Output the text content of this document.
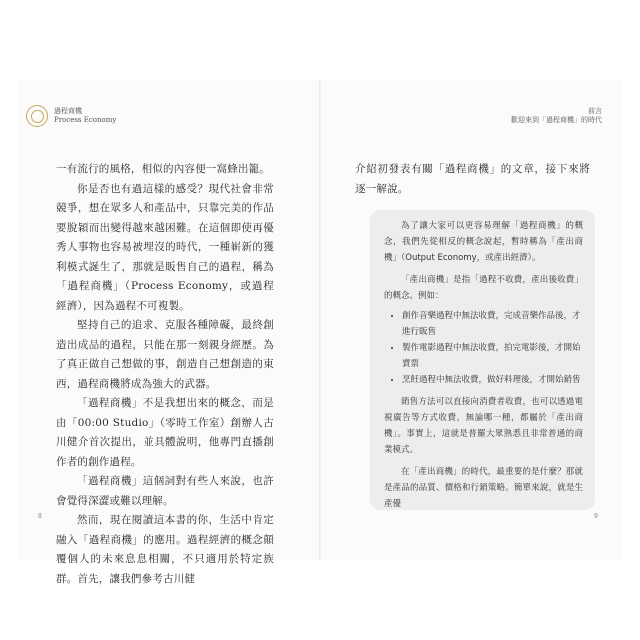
過程商機
Process Economy
前言
歡迎來到「過程商機」的時代

一有流行的風格，相似的內容便一窩蜂出籠。

你是否也有過這樣的感受？現代社會非常競爭，想在眾多人和產品中，只靠完美的作品要脫穎而出變得越來越困難。在這個即使再優秀人事物也容易被埋沒的時代，一種嶄新的獲利模式誕生了，那就是販售自己的過程，稱為「過程商機」（Process Economy，或過程經濟），因為過程不可複製。

堅持自己的追求、克服各種障礙，最終創造出成品的過程，只能在那一刻親身經歷。為了真正做自己想做的事，創造自己想創造的東西，過程商機將成為強大的武器。

「過程商機」不是我想出來的概念，而是由「00:00 Studio」（零時工作室）創辦人古川健介首次提出，並具體說明，他專門直播創作者的創作過程。

「過程商機」這個詞對有些人來說，也許會覺得深澀或難以理解。

然而，現在閱讀這本書的你，生活中肯定融入「過程商機」的應用。過程經濟的概念顛覆個人的未來息息相關，不只適用於特定族群。首先，讓我們參考古川健

介紹初發表有關「過程商機」的文章，接下來將逐一解說。

為了讓大家可以更容易理解「過程商機」的概念，我們先從相反的概念說起，暫時稱為「產出商機」（Output Economy，或產出經濟）。

「產出商機」是指「過程不收費，產出後收費」的概念。例如：

• 創作音樂過程中無法收費，完成音樂作品後，才進行販售
• 製作電影過程中無法收費，拍完電影後，才開始賣票
• 烹飪過程中無法收費，做好料理後，才開始銷售

銷售方法可以直接向消費者收費，也可以透過電視廣告等方式收費，無論哪一種，都屬於「產出商機」。事實上，這就是普羅大眾熟悉且非常普通的商業模式。

在「產出商機」的時代，最重要的是什麼？那就是產品的品質、價格和行銷策略。簡單來說，就是生產優

8	9
